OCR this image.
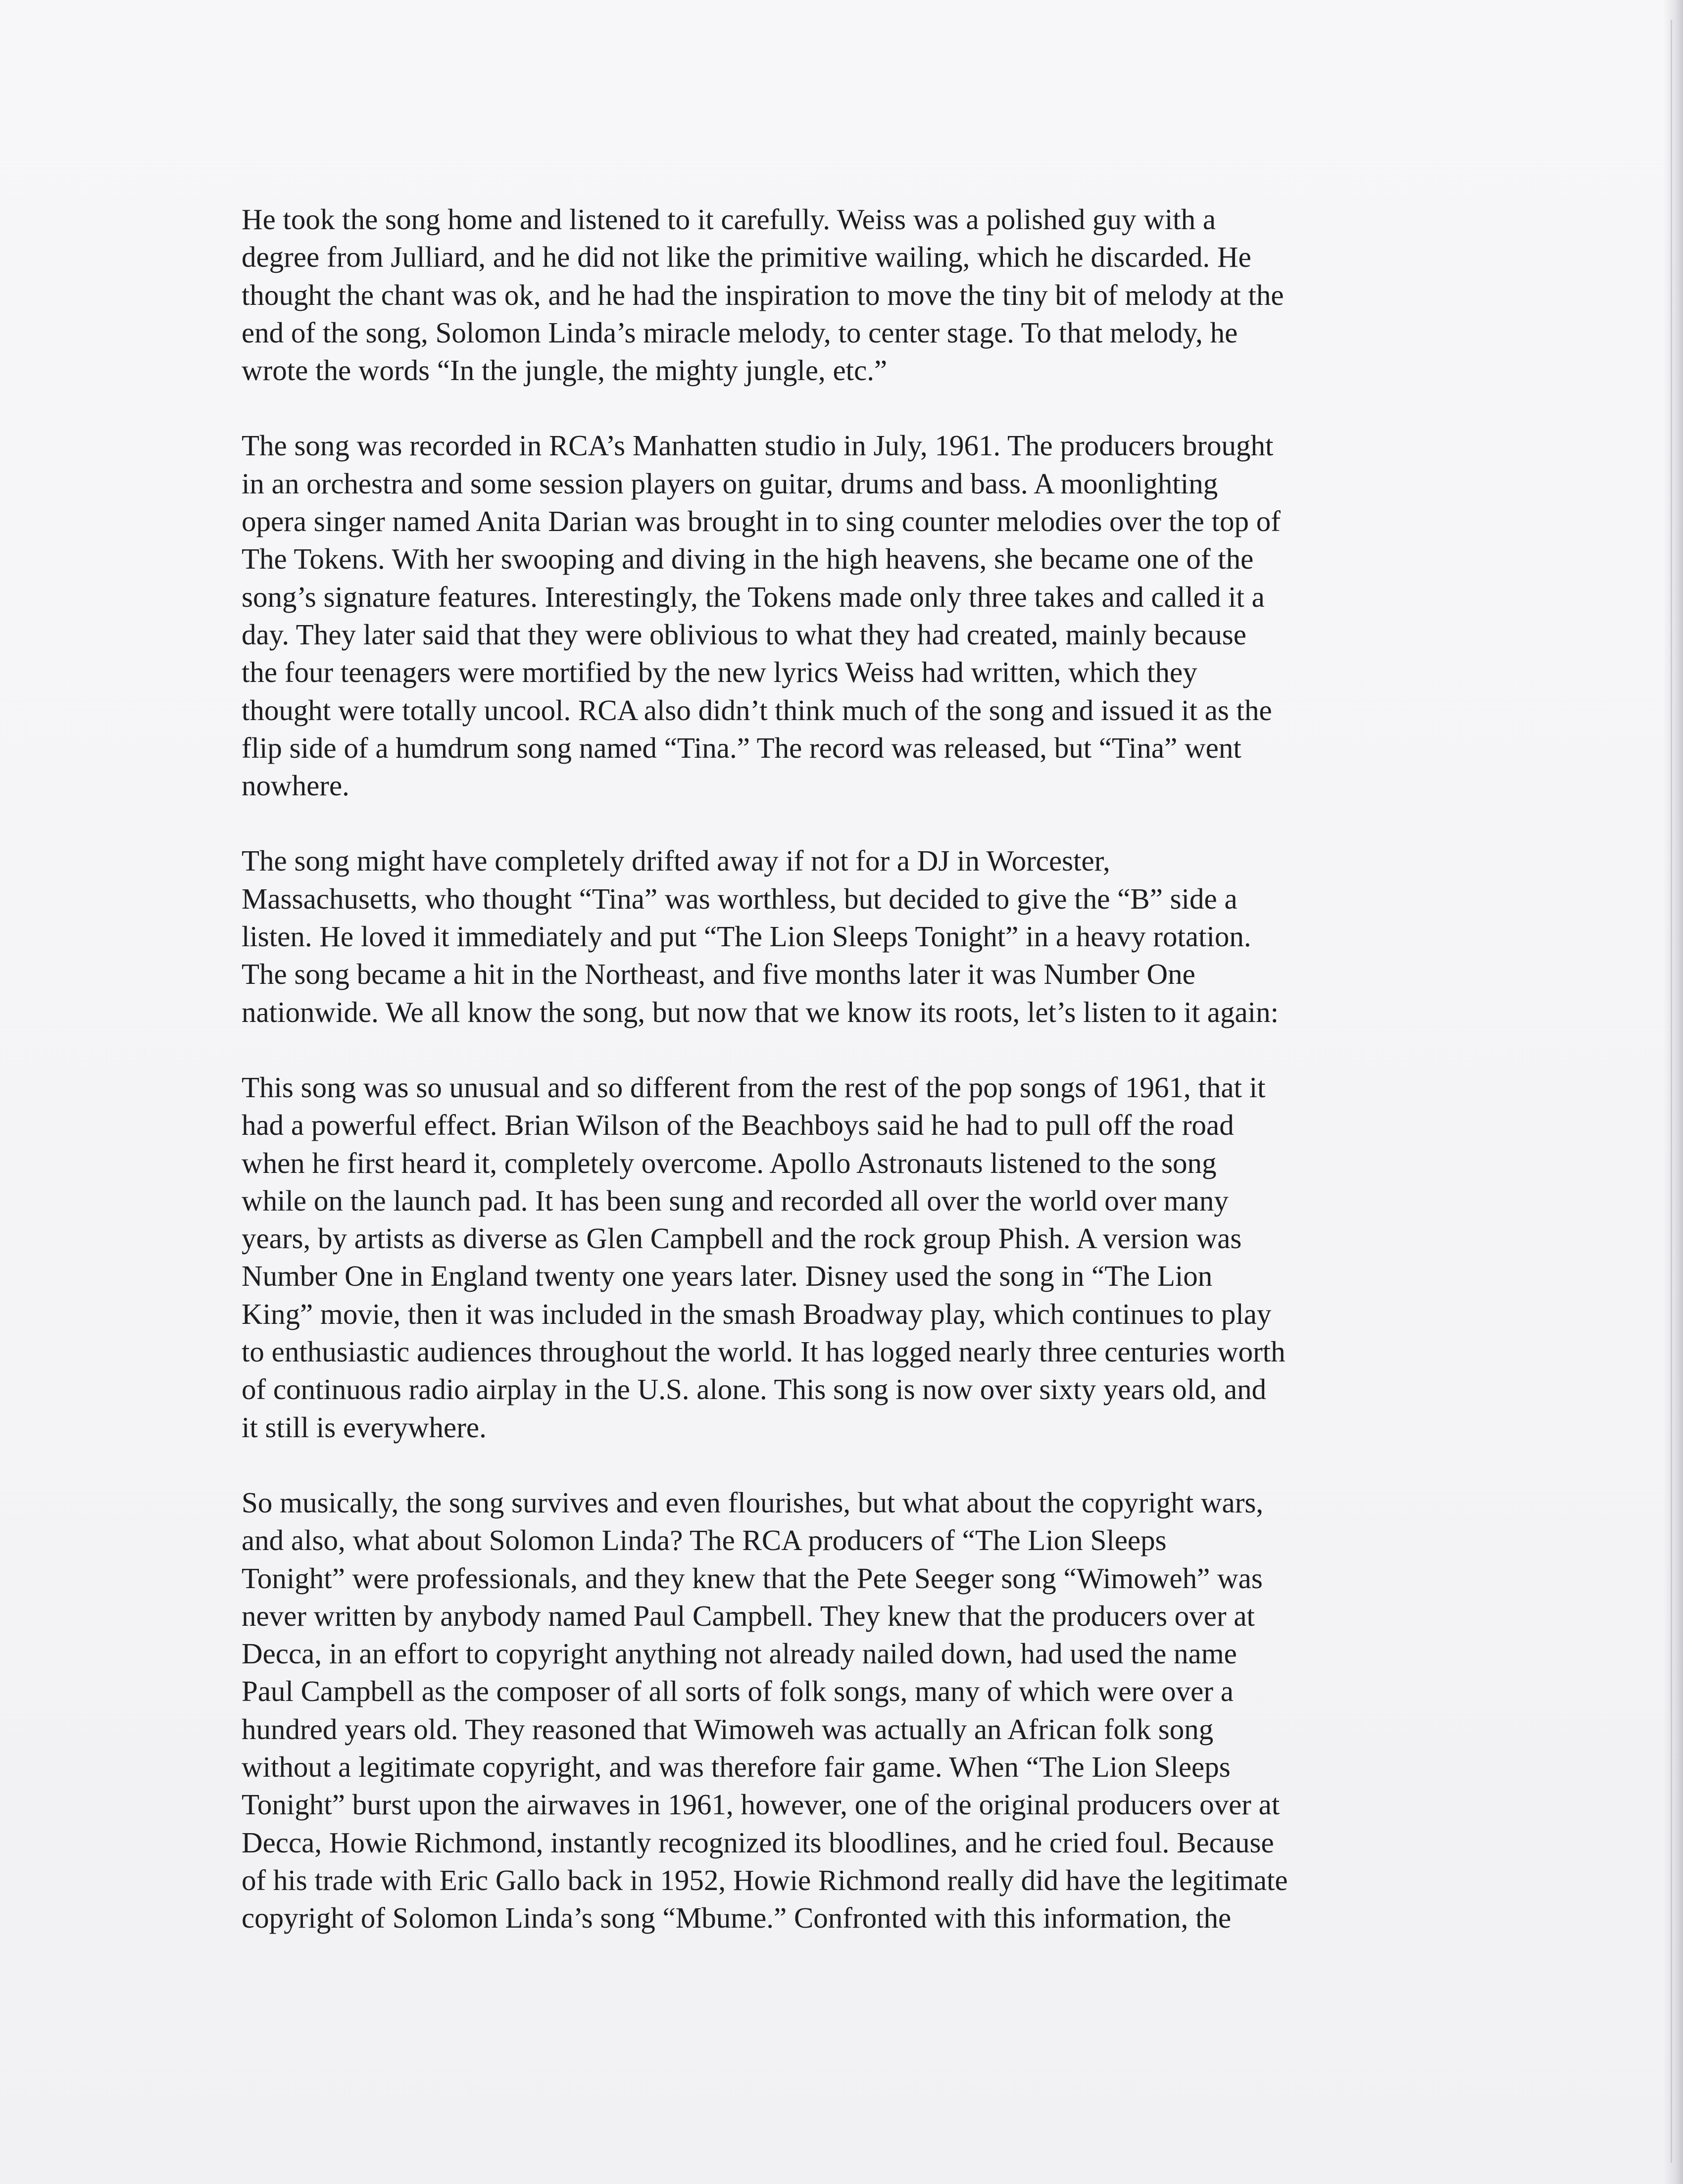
He took the song home and listened to it carefully. Weiss was a polished guy with a
degree from Julliard, and he did not like the primitive wailing, which he discarded. He
thought the chant was ok, and he had the inspiration to move the tiny bit of melody at the
end of the song, Solomon Linda’s miracle melody, to center stage. To that melody, he
wrote the words “In the jungle, the mighty jungle, etc.”

The song was recorded in RCA’s Manhatten studio in July, 1961. The producers brought
in an orchestra and some session players on guitar, drums and bass. A moonlighting
opera singer named Anita Darian was brought in to sing counter melodies over the top of
The Tokens. With her swooping and diving in the high heavens, she became one of the
song’s signature features. Interestingly, the Tokens made only three takes and called it a
day. They later said that they were oblivious to what they had created, mainly because
the four teenagers were mortified by the new lyrics Weiss had written, which they
thought were totally uncool. RCA also didn’t think much of the song and issued it as the
flip side of a humdrum song named “Tina.” The record was released, but “Tina” went
nowhere.

The song might have completely drifted away if not for a DJ in Worcester,
Massachusetts, who thought “Tina” was worthless, but decided to give the “B” side a
listen. He loved it immediately and put “The Lion Sleeps Tonight” in a heavy rotation.
The song became a hit in the Northeast, and five months later it was Number One
nationwide. We all know the song, but now that we know its roots, let’s listen to it again:

This song was so unusual and so different from the rest of the pop songs of 1961, that it
had a powerful effect. Brian Wilson of the Beachboys said he had to pull off the road
when he first heard it, completely overcome. Apollo Astronauts listened to the song
while on the launch pad. It has been sung and recorded all over the world over many
years, by artists as diverse as Glen Campbell and the rock group Phish. A version was
Number One in England twenty one years later. Disney used the song in “The Lion
King” movie, then it was included in the smash Broadway play, which continues to play
to enthusiastic audiences throughout the world. It has logged nearly three centuries worth
of continuous radio airplay in the U.S. alone. This song is now over sixty years old, and
it still is everywhere.

So musically, the song survives and even flourishes, but what about the copyright wars,
and also, what about Solomon Linda? The RCA producers of “The Lion Sleeps
Tonight” were professionals, and they knew that the Pete Seeger song “Wimoweh” was
never written by anybody named Paul Campbell. They knew that the producers over at
Decca, in an effort to copyright anything not already nailed down, had used the name
Paul Campbell as the composer of all sorts of folk songs, many of which were over a
hundred years old. They reasoned that Wimoweh was actually an African folk song
without a legitimate copyright, and was therefore fair game. When “The Lion Sleeps
Tonight” burst upon the airwaves in 1961, however, one of the original producers over at
Decca, Howie Richmond, instantly recognized its bloodlines, and he cried foul. Because
of his trade with Eric Gallo back in 1952, Howie Richmond really did have the legitimate
copyright of Solomon Linda’s song “Mbume.” Confronted with this information, the
